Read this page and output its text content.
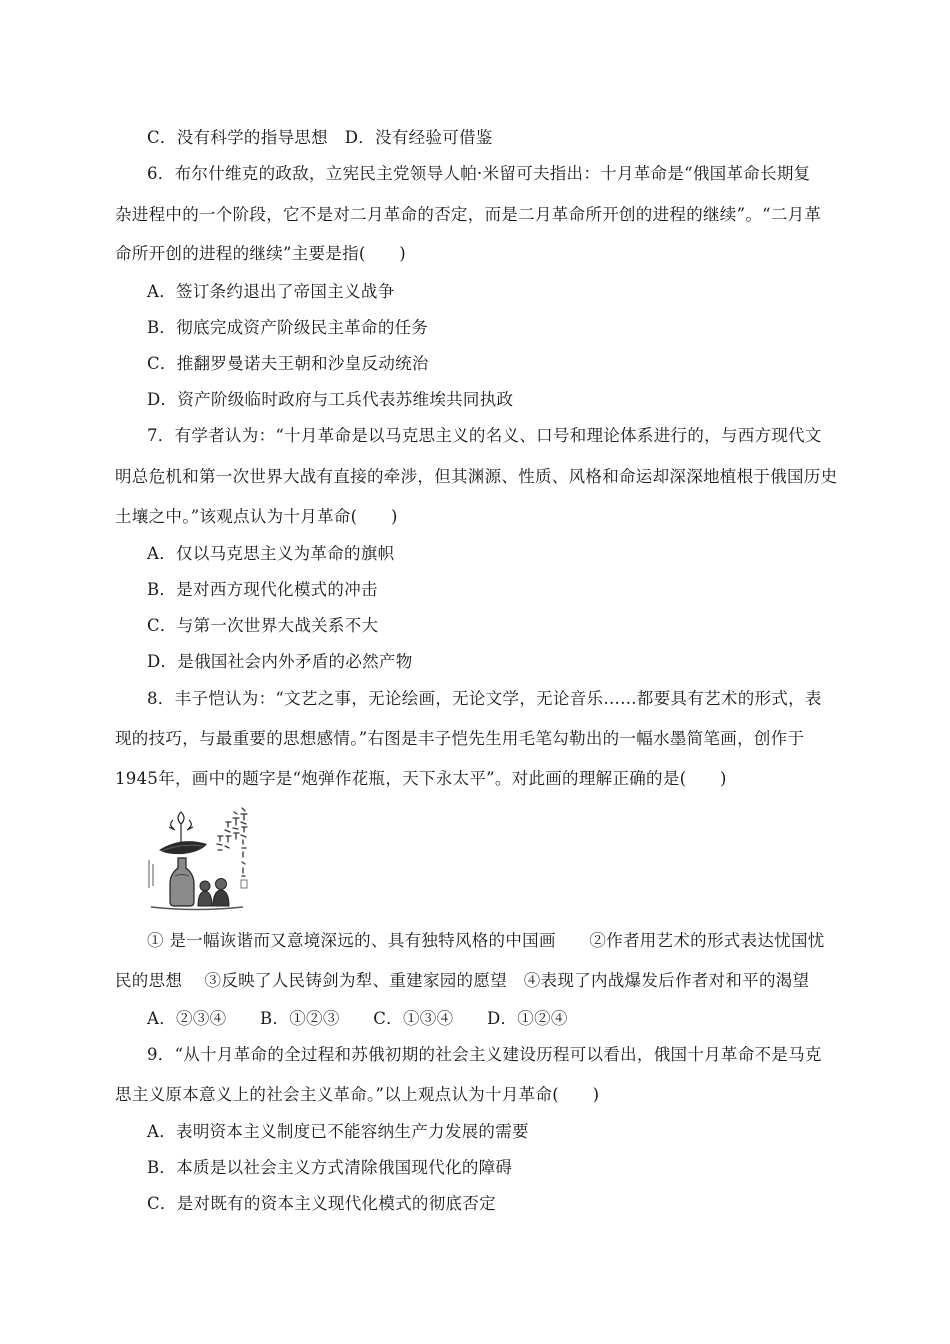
C．没有科学的指导思想　D．没有经验可借鉴
6．布尔什维克的政敌，立宪民主党领导人帕·米留可夫指出：十月革命是“俄国革命长期复
杂进程中的一个阶段，它不是对二月革命的否定，而是二月革命所开创的进程的继续”。“二月革
命所开创的进程的继续”主要是指(　　)
A．签订条约退出了帝国主义战争
B．彻底完成资产阶级民主革命的任务
C．推翻罗曼诺夫王朝和沙皇反动统治
D．资产阶级临时政府与工兵代表苏维埃共同执政
7．有学者认为：“十月革命是以马克思主义的名义、口号和理论体系进行的，与西方现代文
明总危机和第一次世界大战有直接的牵涉，但其渊源、性质、风格和命运却深深地植根于俄国历史
土壤之中。”该观点认为十月革命(　　)
A．仅以马克思主义为革命的旗帜
B．是对西方现代化模式的冲击
C．与第一次世界大战关系不大
D．是俄国社会内外矛盾的必然产物
8．丰子恺认为：“文艺之事，无论绘画，无论文学，无论音乐……都要具有艺术的形式，表
现的技巧，与最重要的思想感情。”右图是丰子恺先生用毛笔勾勒出的一幅水墨简笔画，创作于
1945年，画中的题字是“炮弹作花瓶，天下永太平”。对此画的理解正确的是(　　)
① 是一幅诙谐而又意境深远的、具有独特风格的中国画　　②作者用艺术的形式表达忧国忧
民的思想　 ③反映了人民铸剑为犁、重建家园的愿望　④表现了内战爆发后作者对和平的渴望
A．②③④　　B．①②③　　C．①③④　　D．①②④
9．“从十月革命的全过程和苏俄初期的社会主义建设历程可以看出，俄国十月革命不是马克
思主义原本意义上的社会主义革命。”以上观点认为十月革命(　　)
A．表明资本主义制度已不能容纳生产力发展的需要
B．本质是以社会主义方式清除俄国现代化的障碍
C．是对既有的资本主义现代化模式的彻底否定
